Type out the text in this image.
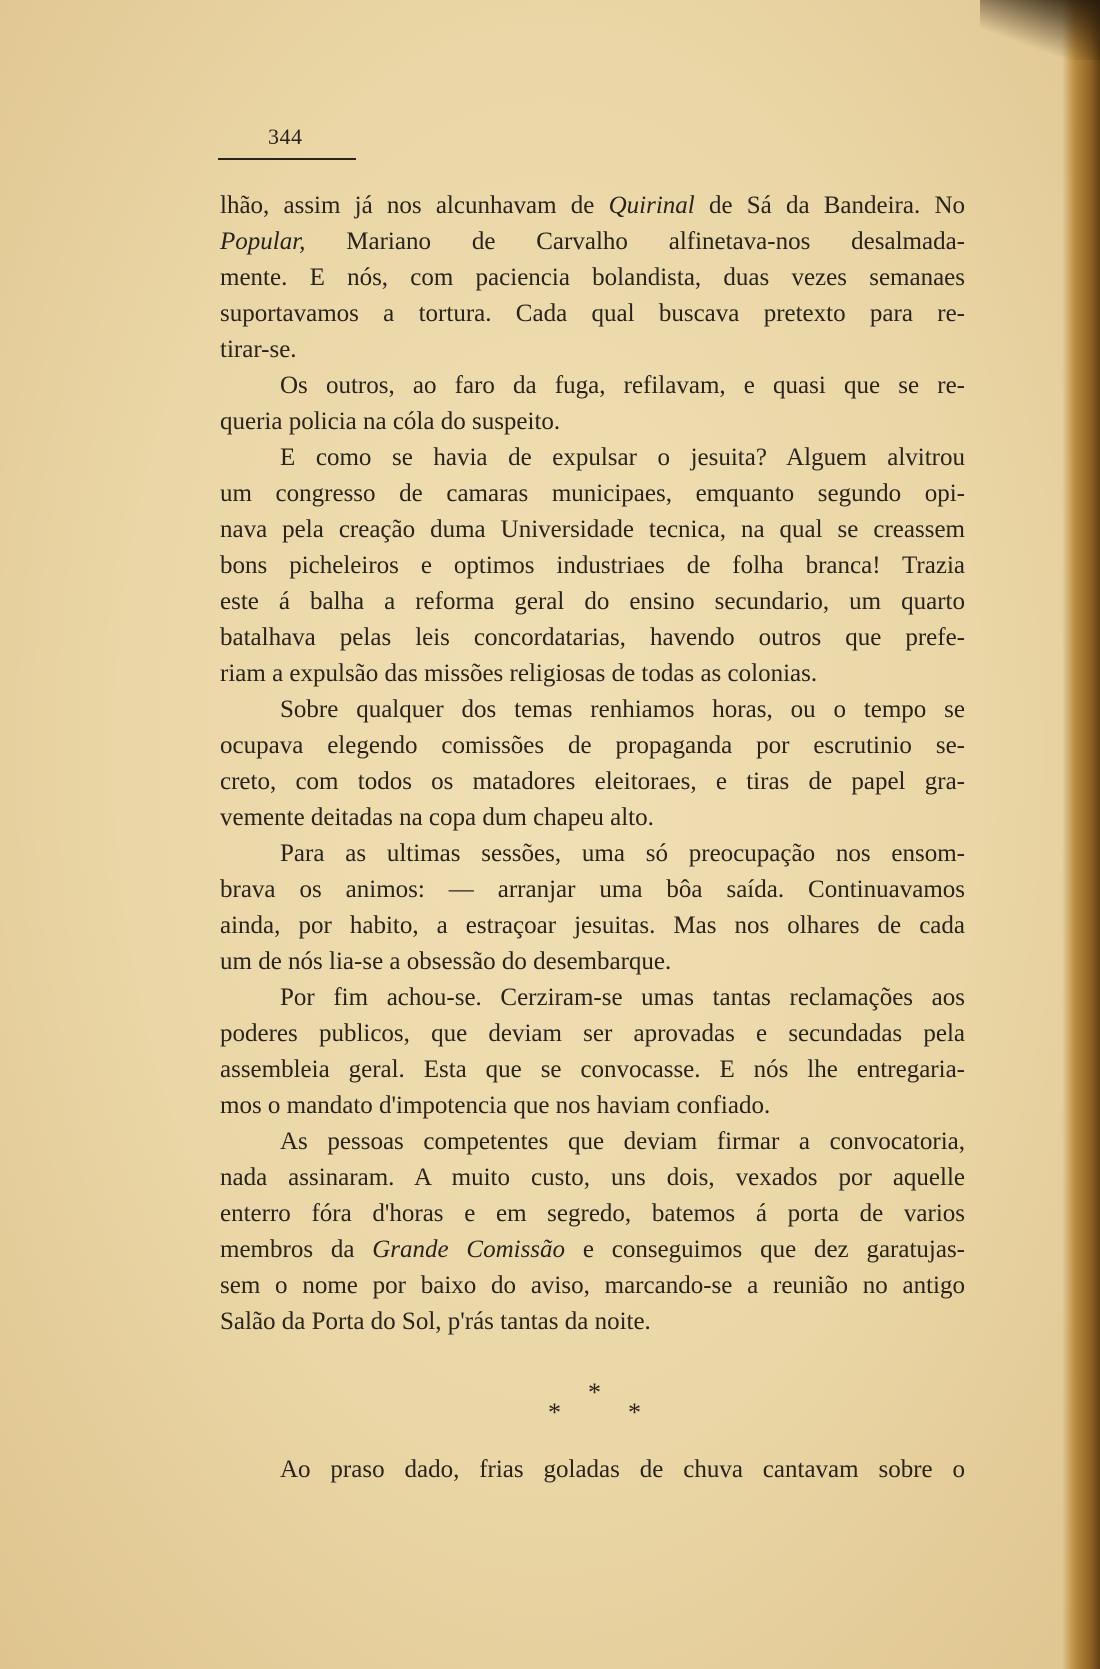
344

lhão, assim já nos alcunhavam de Quirinal de Sá da Bandeira. No Popular, Mariano de Carvalho alfinetava-nos desalmada-
mente. E nós, com paciencia bolandista, duas vezes semanaes
suportavamos a tortura. Cada qual buscava pretexto para re-

tirar-se.

Os outros, ao faro da fuga, refilavam, e quasi que se re-

queria policia na cóla do suspeito.

E como se havia de expulsar o jesuita? Alguem alvitrou

um congresso de camaras municipaes, emquanto segundo opi-

nava pela creação duma Universidade tecnica, na qual se creassem

bons picheleiros e optimos industriaes de folha branca! Trazia

este á balha a reforma geral do ensino secundario, um quarto

batalhava pelas leis concordatarias, havendo outros que prefe-

riam a expulsão das missões religiosas de todas as colonias.

Sobre qualquer dos temas renhiamos horas, ou o tempo se

ocupava elegendo comissões de propaganda por escrutinio se-

creto, com todos os matadores eleitoraes, e tiras de papel gra-

vemente deitadas na copa dum chapeu alto.

Para as ultimas sessões, uma só preocupação nos ensom-

brava os animos: — arranjar uma bôa saída. Continuavamos

ainda, por habito, a estraçoar jesuitas. Mas nos olhares de cada

um de nós lia-se a obsessão do desembarque.

Por fim achou-se. Cerziram-se umas tantas reclamações aos

poderes publicos, que deviam ser aprovadas e secundadas pela

assembleia geral. Esta que se convocasse. E nós lhe entregaria-

mos o mandato d'impotencia que nos haviam confiado.

As pessoas competentes que deviam firmar a convocatoria,

nada assinaram. A muito custo, uns dois, vexados por aquelle

enterro fóra d'horas e em segredo, batemos á porta de varios

membros da Grande Comissão e conseguimos que dez garatujas-

sem o nome por baixo do aviso, marcando-se a reunião no antigo

Salão da Porta do Sol, p'rás tantas da noite.

*
*	*
Ao praso dado, frias goladas de chuva cantavam sobre o
